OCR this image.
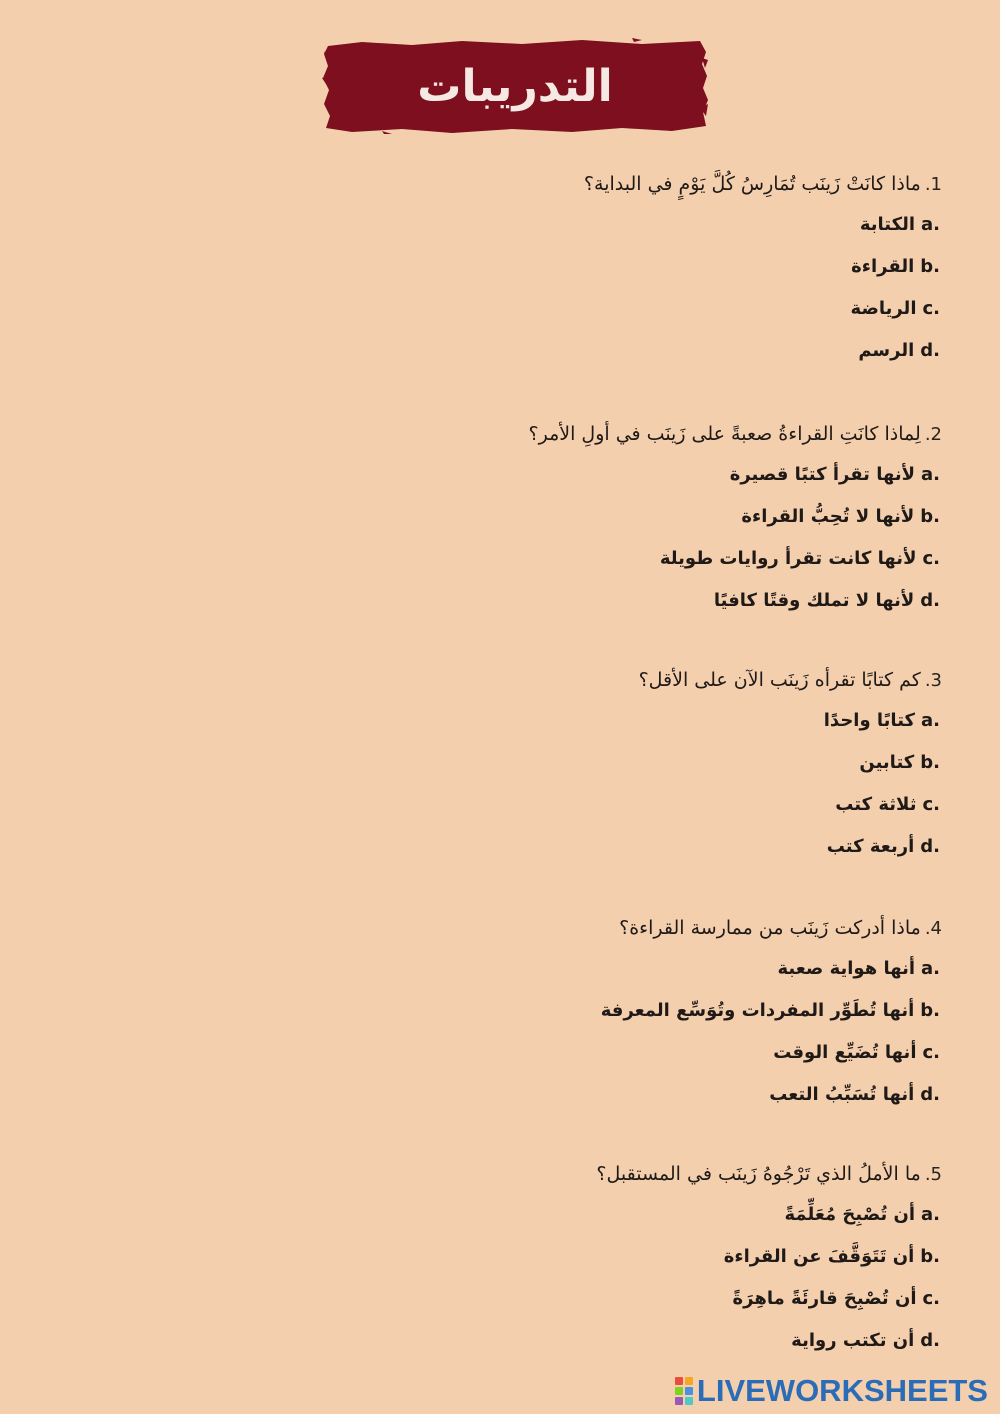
التدريبات
1.ماذا كانَتْ زَينَب تُمَارِسُ كُلَّ يَوْمٍ في البداية؟
a.الكتابة
b.القراءة
c.الرياضة
d.الرسم
2.لِماذا كانَتِ القراءةُ صعبةً على زَينَب في أولِ الأمر؟
a.لأنها تقرأ كتبًا قصيرة
b.لأنها لا تُحِبُّ القراءة
c.لأنها كانت تقرأ روايات طويلة
d.لأنها لا تملك وقتًا كافيًا
3.كم كتابًا تقرأه زَينَب الآن على الأقل؟
a.كتابًا واحدًا
b.كتابين
c.ثلاثة كتب
d.أربعة كتب
4.ماذا أدركت زَينَب من ممارسة القراءة؟
a.أنها هواية صعبة
b.أنها تُطَوِّر المفردات وتُوَسِّع المعرفة
c.أنها تُضَيِّع الوقت
d.أنها تُسَبِّبُ التعب
5.ما الأملُ الذي تَرْجُوهُ زَينَب في المستقبل؟
a.أن تُصْبِحَ مُعَلِّمَةً
b.أن تَتَوَقَّفَ عن القراءة
c.أن تُصْبِحَ قارئَةً ماهِرَةً
d.أن تكتب رواية
LIVEWORKSHEETS
